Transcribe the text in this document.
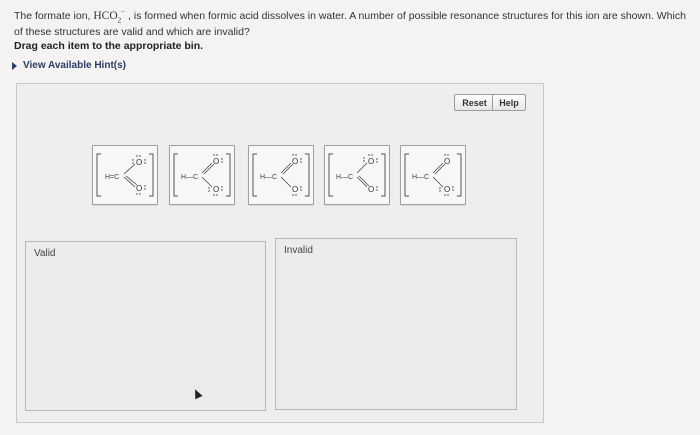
The formate ion, $HCO_2^-$ , is formed when formic acid dissolves in water. A number of possible resonance structures for this ion are shown. Which of these structures are valid and which are invalid?
Drag each item to the appropriate bin.
View Available Hint(s)
Reset	Help
H=C
O
O
H—C
O
O
H—C
O
O
H—C
O
O
H—C
O
O
Valid	Invalid
